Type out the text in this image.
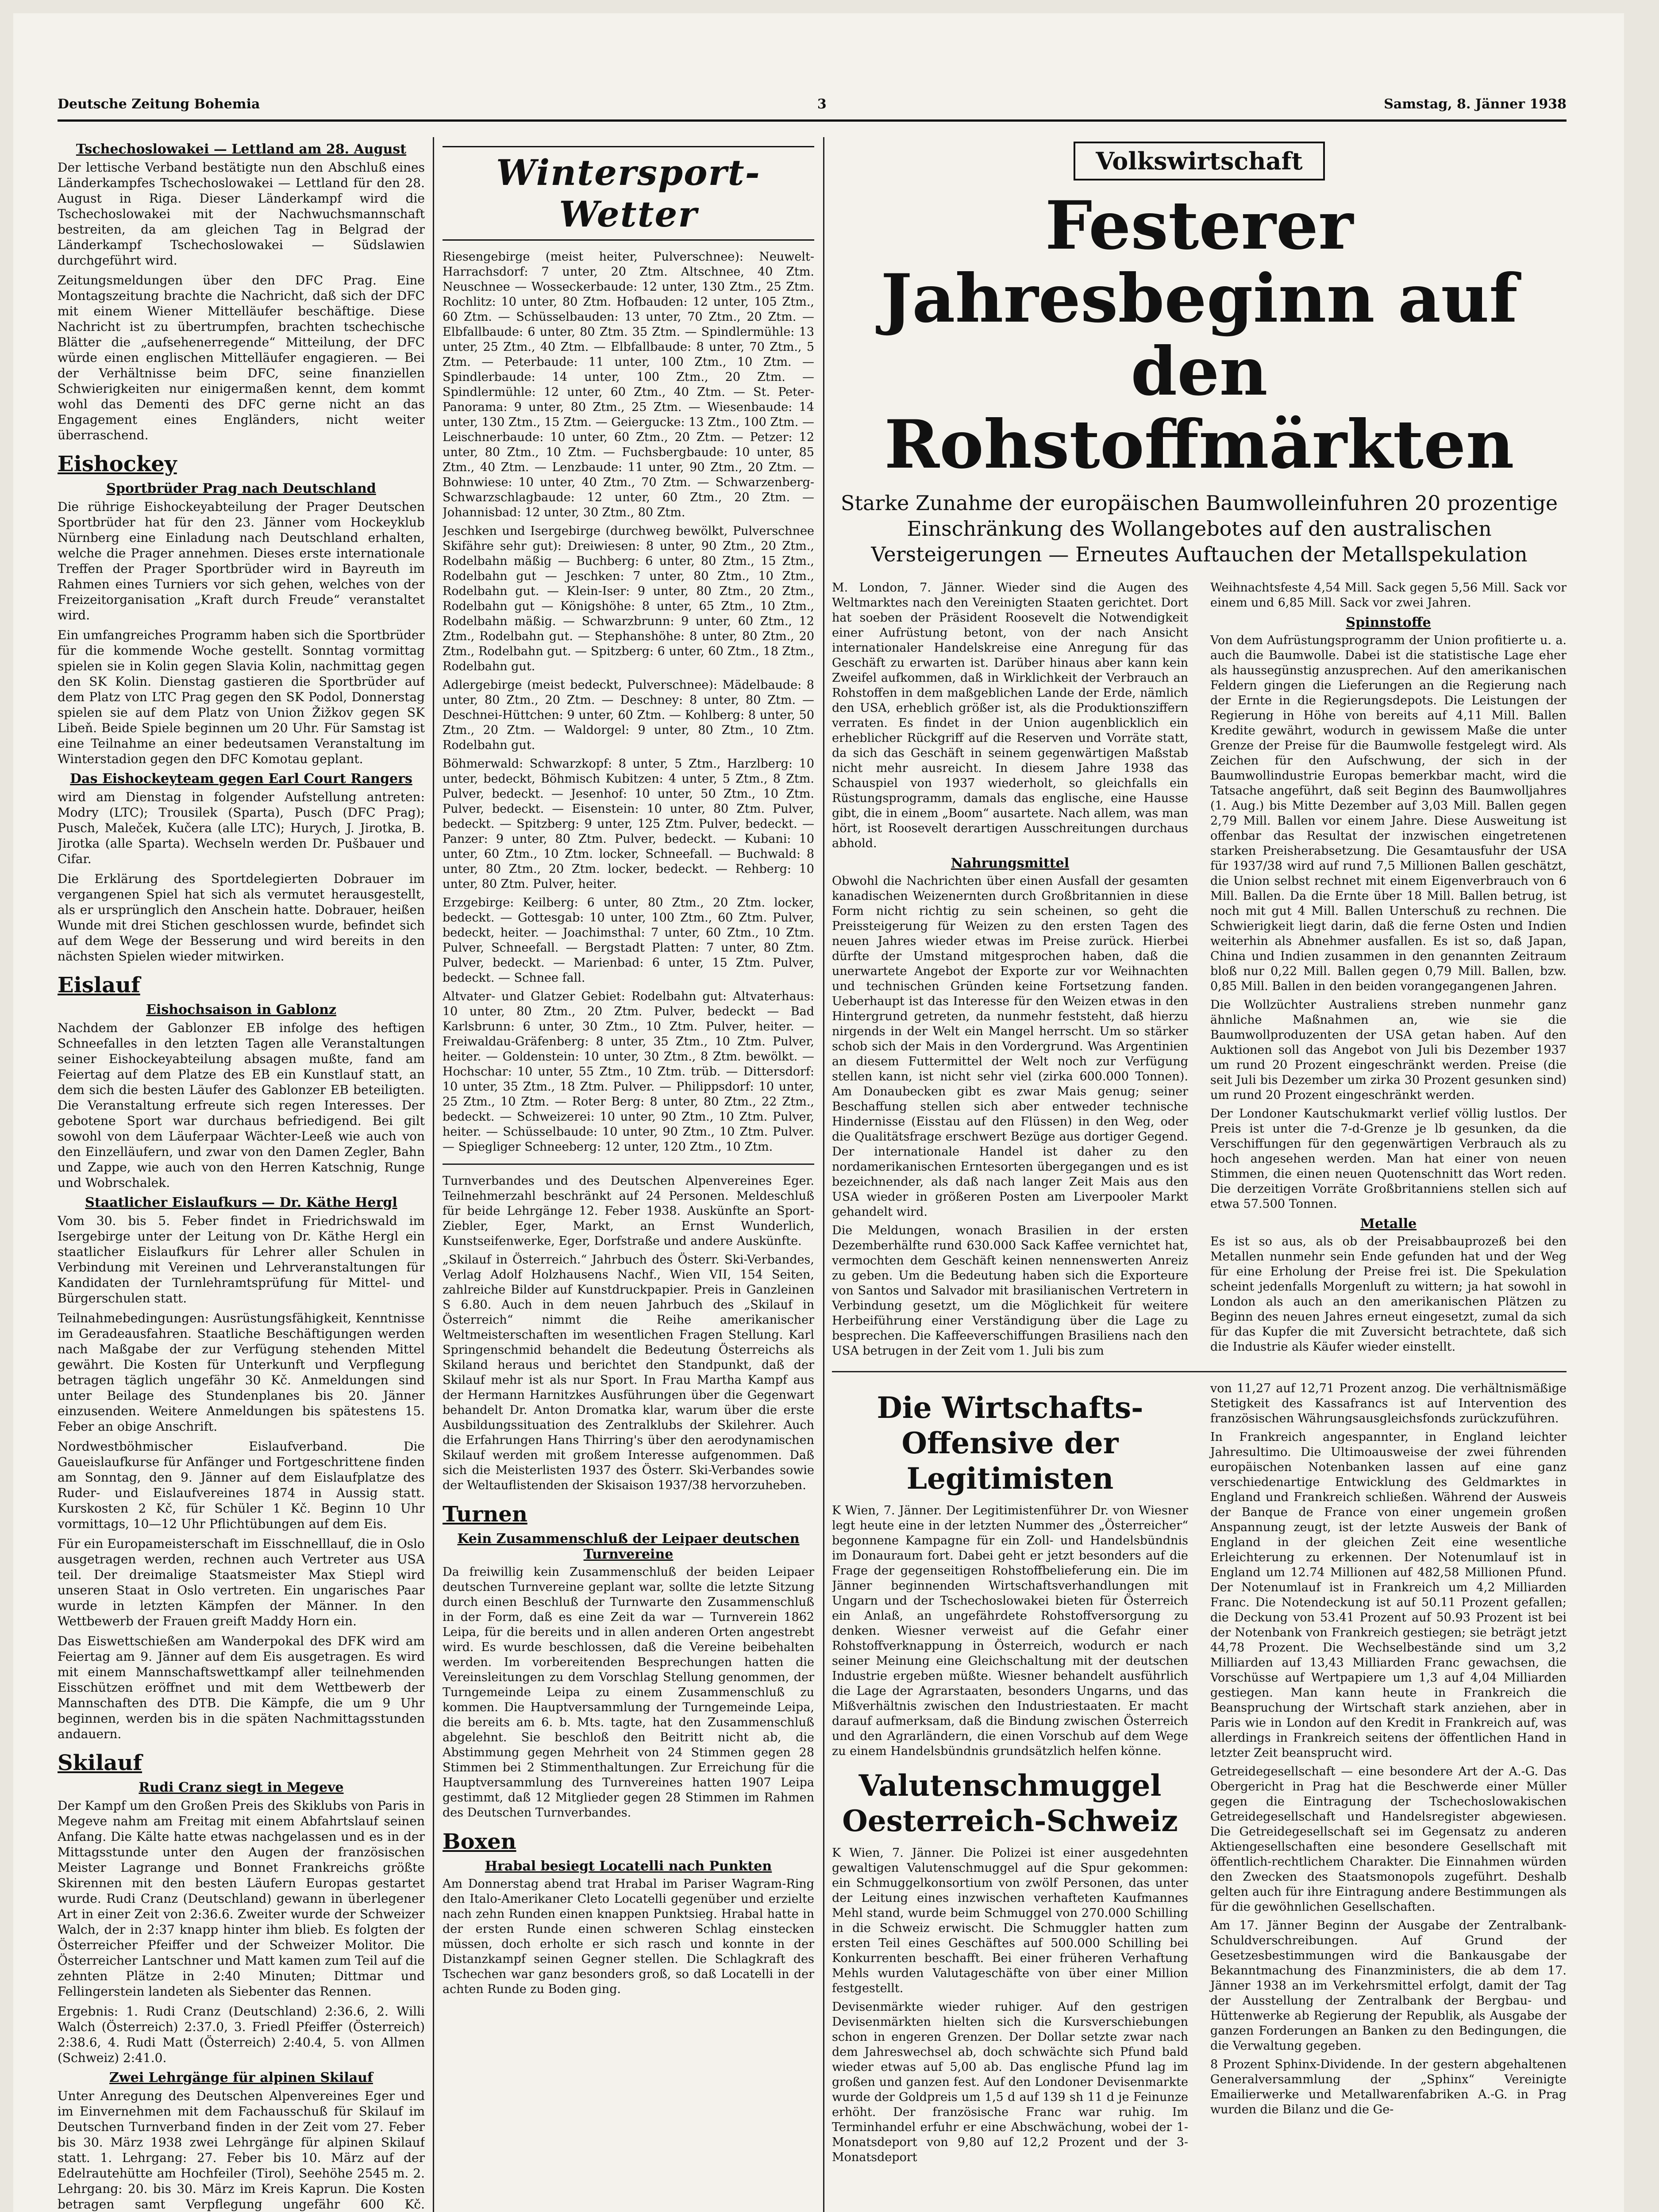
Deutsche Zeitung Bohemia	3	Samstag, 8. Jänner 1938
Tschechoslowakei — Lettland am 28. August

Der lettische Verband bestätigte nun den Abschluß eines Länderkampfes Tschechoslowakei — Lettland für den 28. August in Riga. Dieser Länderkampf wird die Tschechoslowakei mit der Nachwuchsmannschaft bestreiten, da am gleichen Tag in Belgrad der Länderkampf Tschechoslowakei — Südslawien durchgeführt wird.

Zeitungsmeldungen über den DFC Prag. Eine Montagszeitung brachte die Nachricht, daß sich der DFC mit einem Wiener Mittelläufer beschäftige. Diese Nachricht ist zu übertrumpfen, brachten tschechische Blätter die „aufsehenerregende“ Mitteilung, der DFC würde einen englischen Mittelläufer engagieren. — Bei der Verhältnisse beim DFC, seine finanziellen Schwierigkeiten nur einigermaßen kennt, dem kommt wohl das Dementi des DFC gerne nicht an das Engagement eines Engländers, nicht weiter überraschend.

Eishockey
Sportbrüder Prag nach Deutschland

Die rührige Eishockeyabteilung der Prager Deutschen Sportbrüder hat für den 23. Jänner vom Hockeyklub Nürnberg eine Einladung nach Deutschland erhalten, welche die Prager annehmen. Dieses erste internationale Treffen der Prager Sportbrüder wird in Bayreuth im Rahmen eines Turniers vor sich gehen, welches von der Freizeitorganisation „Kraft durch Freude“ veranstaltet wird.

Ein umfangreiches Programm haben sich die Sportbrüder für die kommende Woche gestellt. Sonntag vormittag spielen sie in Kolin gegen Slavia Kolin, nachmittag gegen den SK Kolin. Dienstag gastieren die Sportbrüder auf dem Platz von LTC Prag gegen den SK Podol, Donnerstag spielen sie auf dem Platz von Union Žižkov gegen SK Libeň. Beide Spiele beginnen um 20 Uhr. Für Samstag ist eine Teilnahme an einer bedeutsamen Veranstaltung im Winterstadion gegen den DFC Komotau geplant.

Das Eishockeyteam gegen Earl Court Rangers

wird am Dienstag in folgender Aufstellung antreten: Modry (LTC); Trousilek (Sparta), Pusch (DFC Prag); Pusch, Maleček, Kučera (alle LTC); Hurych, J. Jirotka, B. Jirotka (alle Sparta). Wechseln werden Dr. Pušbauer und Cifar.

Die Erklärung des Sportdelegierten Dobrauer im vergangenen Spiel hat sich als vermutet herausgestellt, als er ursprünglich den Anschein hatte. Dobrauer, heißen Wunde mit drei Stichen geschlossen wurde, befindet sich auf dem Wege der Besserung und wird bereits in den nächsten Spielen wieder mitwirken.

Eislauf
Eishochsaison in Gablonz

Nachdem der Gablonzer EB infolge des heftigen Schneefalles in den letzten Tagen alle Veranstaltungen seiner Eishockeyabteilung absagen mußte, fand am Feiertag auf dem Platze des EB ein Kunstlauf statt, an dem sich die besten Läufer des Gablonzer EB beteiligten. Die Veranstaltung erfreute sich regen Interesses. Der gebotene Sport war durchaus befriedigend. Bei gilt sowohl von dem Läuferpaar Wächter-Leeß wie auch von den Einzelläufern, und zwar von den Damen Zegler, Bahn und Zappe, wie auch von den Herren Katschnig, Runge und Wobrschalek.

Staatlicher Eislaufkurs — Dr. Käthe Hergl

Vom 30. bis 5. Feber findet in Friedrichswald im Isergebirge unter der Leitung von Dr. Käthe Hergl ein staatlicher Eislaufkurs für Lehrer aller Schulen in Verbindung mit Vereinen und Lehrveranstaltungen für Kandidaten der Turnlehramtsprüfung für Mittel- und Bürgerschulen statt.

Teilnahmebedingungen: Ausrüstungsfähigkeit, Kenntnisse im Geradeausfahren. Staatliche Beschäftigungen werden nach Maßgabe der zur Verfügung stehenden Mittel gewährt. Die Kosten für Unterkunft und Verpflegung betragen täglich ungefähr 30 Kč. Anmeldungen sind unter Beilage des Stundenplanes bis 20. Jänner einzusenden. Weitere Anmeldungen bis spätestens 15. Feber an obige Anschrift.

Nordwestböhmischer Eislaufverband. Die Gaueislaufkurse für Anfänger und Fortgeschrittene finden am Sonntag, den 9. Jänner auf dem Eislaufplatze des Ruder- und Eislaufvereines 1874 in Aussig statt. Kurskosten 2 Kč, für Schüler 1 Kč. Beginn 10 Uhr vormittags, 10—12 Uhr Pflichtübungen auf dem Eis.

Für ein Europameisterschaft im Eisschnelllauf, die in Oslo ausgetragen werden, rechnen auch Vertreter aus USA teil. Der dreimalige Staatsmeister Max Stiepl wird unseren Staat in Oslo vertreten. Ein ungarisches Paar wurde in letzten Kämpfen der Männer. In den Wettbewerb der Frauen greift Maddy Horn ein.

Das Eiswettschießen am Wanderpokal des DFK wird am Feiertag am 9. Jänner auf dem Eis ausgetragen. Es wird mit einem Mannschaftswettkampf aller teilnehmenden Eisschützen eröffnet und mit dem Wettbewerb der Mannschaften des DTB. Die Kämpfe, die um 9 Uhr beginnen, werden bis in die späten Nachmittagsstunden andauern.

Skilauf
Rudi Cranz siegt in Megeve

Der Kampf um den Großen Preis des Skiklubs von Paris in Megeve nahm am Freitag mit einem Abfahrtslauf seinen Anfang. Die Kälte hatte etwas nachgelassen und es in der Mittagsstunde unter den Augen der französischen Meister Lagrange und Bonnet Frankreichs größte Skirennen mit den besten Läufern Europas gestartet wurde. Rudi Cranz (Deutschland) gewann in überlegener Art in einer Zeit von 2:36.6. Zweiter wurde der Schweizer Walch, der in 2:37 knapp hinter ihm blieb. Es folgten der Österreicher Pfeiffer und der Schweizer Molitor. Die Österreicher Lantschner und Matt kamen zum Teil auf die zehnten Plätze in 2:40 Minuten; Dittmar und Fellingerstein landeten als Siebenter das Rennen.

Ergebnis: 1. Rudi Cranz (Deutschland) 2:36.6, 2. Willi Walch (Österreich) 2:37.0, 3. Friedl Pfeiffer (Österreich) 2:38.6, 4. Rudi Matt (Österreich) 2:40.4, 5. von Allmen (Schweiz) 2:41.0.

Zwei Lehrgänge für alpinen Skilauf

Unter Anregung des Deutschen Alpenvereines Eger und im Einvernehmen mit dem Fachausschuß für Skilauf im Deutschen Turnverband finden in der Zeit vom 27. Feber bis 30. März 1938 zwei Lehrgänge für alpinen Skilauf statt. 1. Lehrgang: 27. Feber bis 10. März auf der Edelrautehütte am Hochfeiler (Tirol), Seehöhe 2545 m. 2. Lehrgang: 20. bis 30. März im Kreis Kaprun. Die Kosten betragen samt Verpflegung ungefähr 600 Kč.

Wintersport-Wetter

Riesengebirge (meist heiter, Pulverschnee): Neuwelt-Harrachsdorf: 7 unter, 20 Ztm. Altschnee, 40 Ztm. Neuschnee — Wosseckerbaude: 12 unter, 130 Ztm., 25 Ztm. Rochlitz: 10 unter, 80 Ztm. Hofbauden: 12 unter, 105 Ztm., 60 Ztm. — Schüsselbauden: 13 unter, 70 Ztm., 20 Ztm. — Elbfallbaude: 6 unter, 80 Ztm. 35 Ztm. — Spindlermühle: 13 unter, 25 Ztm., 40 Ztm. — Elbfallbaude: 8 unter, 70 Ztm., 5 Ztm. — Peterbaude: 11 unter, 100 Ztm., 10 Ztm. — Spindlerbaude: 14 unter, 100 Ztm., 20 Ztm. — Spindlermühle: 12 unter, 60 Ztm., 40 Ztm. — St. Peter-Panorama: 9 unter, 80 Ztm., 25 Ztm. — Wiesenbaude: 14 unter, 130 Ztm., 15 Ztm. — Geiergucke: 13 Ztm., 100 Ztm. — Leischnerbaude: 10 unter, 60 Ztm., 20 Ztm. — Petzer: 12 unter, 80 Ztm., 10 Ztm. — Fuchsbergbaude: 10 unter, 85 Ztm., 40 Ztm. — Lenzbaude: 11 unter, 90 Ztm., 20 Ztm. — Bohnwiese: 10 unter, 40 Ztm., 70 Ztm. — Schwarzenberg-Schwarzschlagbaude: 12 unter, 60 Ztm., 20 Ztm. — Johannisbad: 12 unter, 30 Ztm., 80 Ztm.

Jeschken und Isergebirge (durchweg bewölkt, Pulverschnee Skifähre sehr gut): Dreiwiesen: 8 unter, 90 Ztm., 20 Ztm., Rodelbahn mäßig — Buchberg: 6 unter, 80 Ztm., 15 Ztm., Rodelbahn gut — Jeschken: 7 unter, 80 Ztm., 10 Ztm., Rodelbahn gut. — Klein-Iser: 9 unter, 80 Ztm., 20 Ztm., Rodelbahn gut — Königshöhe: 8 unter, 65 Ztm., 10 Ztm., Rodelbahn mäßig. — Schwarzbrunn: 9 unter, 60 Ztm., 12 Ztm., Rodelbahn gut. — Stephanshöhe: 8 unter, 80 Ztm., 20 Ztm., Rodelbahn gut. — Spitzberg: 6 unter, 60 Ztm., 18 Ztm., Rodelbahn gut.

Adlergebirge (meist bedeckt, Pulverschnee): Mädelbaude: 8 unter, 80 Ztm., 20 Ztm. — Deschney: 8 unter, 80 Ztm. — Deschnei-Hüttchen: 9 unter, 60 Ztm. — Kohlberg: 8 unter, 50 Ztm., 20 Ztm. — Waldorgel: 9 unter, 80 Ztm., 10 Ztm. Rodelbahn gut.

Böhmerwald: Schwarzkopf: 8 unter, 5 Ztm., Harzlberg: 10 unter, bedeckt, Böhmisch Kubitzen: 4 unter, 5 Ztm., 8 Ztm. Pulver, bedeckt. — Jesenhof: 10 unter, 50 Ztm., 10 Ztm. Pulver, bedeckt. — Eisenstein: 10 unter, 80 Ztm. Pulver, bedeckt. — Spitzberg: 9 unter, 125 Ztm. Pulver, bedeckt. — Panzer: 9 unter, 80 Ztm. Pulver, bedeckt. — Kubani: 10 unter, 60 Ztm., 10 Ztm. locker, Schneefall. — Buchwald: 8 unter, 80 Ztm., 20 Ztm. locker, bedeckt. — Rehberg: 10 unter, 80 Ztm. Pulver, heiter.

Erzgebirge: Keilberg: 6 unter, 80 Ztm., 20 Ztm. locker, bedeckt. — Gottesgab: 10 unter, 100 Ztm., 60 Ztm. Pulver, bedeckt, heiter. — Joachimsthal: 7 unter, 60 Ztm., 10 Ztm. Pulver, Schneefall. — Bergstadt Platten: 7 unter, 80 Ztm. Pulver, bedeckt. — Marienbad: 6 unter, 15 Ztm. Pulver, bedeckt. — Schnee fall.

Altvater- und Glatzer Gebiet: Rodelbahn gut: Altvaterhaus: 10 unter, 80 Ztm., 20 Ztm. Pulver, bedeckt — Bad Karlsbrunn: 6 unter, 30 Ztm., 10 Ztm. Pulver, heiter. — Freiwaldau-Gräfenberg: 8 unter, 35 Ztm., 10 Ztm. Pulver, heiter. — Goldenstein: 10 unter, 30 Ztm., 8 Ztm. bewölkt. — Hochschar: 10 unter, 55 Ztm., 10 Ztm. trüb. — Dittersdorf: 10 unter, 35 Ztm., 18 Ztm. Pulver. — Philippsdorf: 10 unter, 25 Ztm., 10 Ztm. — Roter Berg: 8 unter, 80 Ztm., 22 Ztm., bedeckt. — Schweizerei: 10 unter, 90 Ztm., 10 Ztm. Pulver, heiter. — Schüsselbaude: 10 unter, 90 Ztm., 10 Ztm. Pulver. — Spiegliger Schneeberg: 12 unter, 120 Ztm., 10 Ztm.

Turnverbandes und des Deutschen Alpenvereines Eger. Teilnehmerzahl beschränkt auf 24 Personen. Meldeschluß für beide Lehrgänge 12. Feber 1938. Auskünfte an Sport-Ziebler, Eger, Markt, an Ernst Wunderlich, Kunstseifenwerke, Eger, Dorfstraße und andere Auskünfte.

„Skilauf in Österreich.“ Jahrbuch des Österr. Ski-Verbandes, Verlag Adolf Holzhausens Nachf., Wien VII, 154 Seiten, zahlreiche Bilder auf Kunstdruckpapier. Preis in Ganzleinen S 6.80. Auch in dem neuen Jahrbuch des „Skilauf in Österreich“ nimmt die Reihe amerikanischer Weltmeisterschaften im wesentlichen Fragen Stellung. Karl Springenschmid behandelt die Bedeutung Österreichs als Skiland heraus und berichtet den Standpunkt, daß der Skilauf mehr ist als nur Sport. In Frau Martha Kampf aus der Hermann Harnitzkes Ausführungen über die Gegenwart behandelt Dr. Anton Dromatka klar, warum über die erste Ausbildungssituation des Zentralklubs der Skilehrer. Auch die Erfahrungen Hans Thirring's über den aerodynamischen Skilauf werden mit großem Interesse aufgenommen. Daß sich die Meisterlisten 1937 des Österr. Ski-Verbandes sowie der Weltauflistenden der Skisaison 1937/38 hervorzuheben.

Turnen
Kein Zusammenschluß der Leipaer deutschen Turnvereine

Da freiwillig kein Zusammenschluß der beiden Leipaer deutschen Turnvereine geplant war, sollte die letzte Sitzung durch einen Beschluß der Turnwarte den Zusammenschluß in der Form, daß es eine Zeit da war — Turnverein 1862 Leipa, für die bereits und in allen anderen Orten angestrebt wird. Es wurde beschlossen, daß die Vereine beibehalten werden. Im vorbereitenden Besprechungen hatten die Vereinsleitungen zu dem Vorschlag Stellung genommen, der Turngemeinde Leipa zu einem Zusammenschluß zu kommen. Die Hauptversammlung der Turngemeinde Leipa, die bereits am 6. b. Mts. tagte, hat den Zusammenschluß abgelehnt. Sie beschloß den Beitritt nicht ab, die Abstimmung gegen Mehrheit von 24 Stimmen gegen 28 Stimmen bei 2 Stimmenthaltungen. Zur Erreichung für die Hauptversammlung des Turnvereines hatten 1907 Leipa gestimmt, daß 12 Mitglieder gegen 28 Stimmen im Rahmen des Deutschen Turnverbandes.

Boxen
Hrabal besiegt Locatelli nach Punkten

Am Donnerstag abend trat Hrabal im Pariser Wagram-Ring den Italo-Amerikaner Cleto Locatelli gegenüber und erzielte nach zehn Runden einen knappen Punktsieg. Hrabal hatte in der ersten Runde einen schweren Schlag einstecken müssen, doch erholte er sich rasch und konnte in der Distanzkampf seinen Gegner stellen. Die Schlagkraft des Tschechen war ganz besonders groß, so daß Locatelli in der achten Runde zu Boden ging.

Volkswirtschaft
Festerer Jahresbeginn auf den Rohstoffmärkten
Starke Zunahme der europäischen Baumwolleinfuhren 20 prozentige Einschränkung des Wollangebotes auf den australischen Versteigerungen — Erneutes Auftauchen der Metallspekulation

M. London, 7. Jänner. Wieder sind die Augen des Weltmarktes nach den Vereinigten Staaten gerichtet. Dort hat soeben der Präsident Roosevelt die Notwendigkeit einer Aufrüstung betont, von der nach Ansicht internationaler Handelskreise eine Anregung für das Geschäft zu erwarten ist. Darüber hinaus aber kann kein Zweifel aufkommen, daß in Wirklichkeit der Verbrauch an Rohstoffen in dem maßgeblichen Lande der Erde, nämlich den USA, erheblich größer ist, als die Produktionsziffern verraten. Es findet in der Union augenblicklich ein erheblicher Rückgriff auf die Reserven und Vorräte statt, da sich das Geschäft in seinem gegenwärtigen Maßstab nicht mehr ausreicht. In diesem Jahre 1938 das Schauspiel von 1937 wiederholt, so gleichfalls ein Rüstungsprogramm, damals das englische, eine Hausse gibt, die in einem „Boom“ ausartete. Nach allem, was man hört, ist Roosevelt derartigen Ausschreitungen durchaus abhold.

Nahrungsmittel

Obwohl die Nachrichten über einen Ausfall der gesamten kanadischen Weizenernten durch Großbritannien in diese Form nicht richtig zu sein scheinen, so geht die Preissteigerung für Weizen zu den ersten Tagen des neuen Jahres wieder etwas im Preise zurück. Hierbei dürfte der Umstand mitgesprochen haben, daß die unerwartete Angebot der Exporte zur vor Weihnachten und technischen Gründen keine Fortsetzung fanden. Ueberhaupt ist das Interesse für den Weizen etwas in den Hintergrund getreten, da nunmehr feststeht, daß hierzu nirgends in der Welt ein Mangel herrscht. Um so stärker schob sich der Mais in den Vordergrund. Was Argentinien an diesem Futtermittel der Welt noch zur Verfügung stellen kann, ist nicht sehr viel (zirka 600.000 Tonnen). Am Donaubecken gibt es zwar Mais genug; seiner Beschaffung stellen sich aber entweder technische Hindernisse (Eisstau auf den Flüssen) in den Weg, oder die Qualitätsfrage erschwert Bezüge aus dortiger Gegend. Der internationale Handel ist daher zu den nordamerikanischen Erntesorten übergegangen und es ist bezeichnender, als daß nach langer Zeit Mais aus den USA wieder in größeren Posten am Liverpooler Markt gehandelt wird.

Die Meldungen, wonach Brasilien in der ersten Dezemberhälfte rund 630.000 Sack Kaffee vernichtet hat, vermochten dem Geschäft keinen nennenswerten Anreiz zu geben. Um die Bedeutung haben sich die Exporteure von Santos und Salvador mit brasilianischen Vertretern in Verbindung gesetzt, um die Möglichkeit für weitere Herbeiführung einer Verständigung über die Lage zu besprechen. Die Kaffeeverschiffungen Brasiliens nach den USA betrugen in der Zeit vom 1. Juli bis zum

Weihnachtsfeste 4,54 Mill. Sack gegen 5,56 Mill. Sack vor einem und 6,85 Mill. Sack vor zwei Jahren.

Spinnstoffe

Von dem Aufrüstungsprogramm der Union profitierte u. a. auch die Baumwolle. Dabei ist die statistische Lage eher als haussegünstig anzusprechen. Auf den amerikanischen Feldern gingen die Lieferungen an die Regierung nach der Ernte in die Regierungsdepots. Die Leistungen der Regierung in Höhe von bereits auf 4,11 Mill. Ballen Kredite gewährt, wodurch in gewissem Maße die unter Grenze der Preise für die Baumwolle festgelegt wird. Als Zeichen für den Aufschwung, der sich in der Baumwollindustrie Europas bemerkbar macht, wird die Tatsache angeführt, daß seit Beginn des Baumwolljahres (1. Aug.) bis Mitte Dezember auf 3,03 Mill. Ballen gegen 2,79 Mill. Ballen vor einem Jahre. Diese Ausweitung ist offenbar das Resultat der inzwischen eingetretenen starken Preisherabsetzung. Die Gesamtausfuhr der USA für 1937/38 wird auf rund 7,5 Millionen Ballen geschätzt, die Union selbst rechnet mit einem Eigenverbrauch von 6 Mill. Ballen. Da die Ernte über 18 Mill. Ballen betrug, ist noch mit gut 4 Mill. Ballen Unterschuß zu rechnen. Die Schwierigkeit liegt darin, daß die ferne Osten und Indien weiterhin als Abnehmer ausfallen. Es ist so, daß Japan, China und Indien zusammen in den genannten Zeitraum bloß nur 0,22 Mill. Ballen gegen 0,79 Mill. Ballen, bzw. 0,85 Mill. Ballen in den beiden vorangegangenen Jahren.

Die Wollzüchter Australiens streben nunmehr ganz ähnliche Maßnahmen an, wie sie die Baumwollproduzenten der USA getan haben. Auf den Auktionen soll das Angebot von Juli bis Dezember 1937 um rund 20 Prozent eingeschränkt werden. Preise (die seit Juli bis Dezember um zirka 30 Prozent gesunken sind) um rund 20 Prozent eingeschränkt werden.

Der Londoner Kautschukmarkt verlief völlig lustlos. Der Preis ist unter die 7-d-Grenze je lb gesunken, da die Verschiffungen für den gegenwärtigen Verbrauch als zu hoch angesehen werden. Man hat einer von neuen Stimmen, die einen neuen Quotenschnitt das Wort reden. Die derzeitigen Vorräte Großbritanniens stellen sich auf etwa 57.500 Tonnen.

Metalle

Es ist so aus, als ob der Preisabbauprozeß bei den Metallen nunmehr sein Ende gefunden hat und der Weg für eine Erholung der Preise frei ist. Die Spekulation scheint jedenfalls Morgenluft zu wittern; ja hat sowohl in London als auch an den amerikanischen Plätzen zu Beginn des neuen Jahres erneut eingesetzt, zumal da sich für das Kupfer die mit Zuversicht betrachtete, daß sich die Industrie als Käufer wieder einstellt.

Die Wirtschafts-Offensive der Legitimisten

K Wien, 7. Jänner. Der Legitimistenführer Dr. von Wiesner legt heute eine in der letzten Nummer des „Österreicher“ begonnene Kampagne für ein Zoll- und Handelsbündnis im Donauraum fort. Dabei geht er jetzt besonders auf die Frage der gegenseitigen Rohstoffbelieferung ein. Die im Jänner beginnenden Wirtschaftsverhandlungen mit Ungarn und der Tschechoslowakei bieten für Österreich ein Anlaß, an ungefährdete Rohstoffversorgung zu denken. Wiesner verweist auf die Gefahr einer Rohstoffverknappung in Österreich, wodurch er nach seiner Meinung eine Gleichschaltung mit der deutschen Industrie ergeben müßte. Wiesner behandelt ausführlich die Lage der Agrarstaaten, besonders Ungarns, und das Mißverhältnis zwischen den Industriestaaten. Er macht darauf aufmerksam, daß die Bindung zwischen Österreich und den Agrarländern, die einen Vorschub auf dem Wege zu einem Handelsbündnis grundsätzlich helfen könne.

Valutenschmuggel Oesterreich-Schweiz

K Wien, 7. Jänner. Die Polizei ist einer ausgedehnten gewaltigen Valutenschmuggel auf die Spur gekommen: ein Schmuggelkonsortium von zwölf Personen, das unter der Leitung eines inzwischen verhafteten Kaufmannes Mehl stand, wurde beim Schmuggel von 270.000 Schilling in die Schweiz erwischt. Die Schmuggler hatten zum ersten Teil eines Geschäftes auf 500.000 Schilling bei Konkurrenten beschafft. Bei einer früheren Verhaftung Mehls wurden Valutageschäfte von über einer Million festgestellt.

Devisenmärkte wieder ruhiger. Auf den gestrigen Devisenmärkten hielten sich die Kursverschiebungen schon in engeren Grenzen. Der Dollar setzte zwar nach dem Jahreswechsel ab, doch schwächte sich Pfund bald wieder etwas auf 5,00 ab. Das englische Pfund lag im großen und ganzen fest. Auf den Londoner Devisenmarkte wurde der Goldpreis um 1,5 d auf 139 sh 11 d je Feinunze erhöht. Der französische Franc war ruhig. Im Terminhandel erfuhr er eine Abschwächung, wobei der 1-Monatsdeport von 9,80 auf 12,2 Prozent und der 3-Monatsdeport

von 11,27 auf 12,71 Prozent anzog. Die verhältnismäßige Stetigkeit des Kassafrancs ist auf Intervention des französischen Währungsausgleichsfonds zurückzuführen.

In Frankreich angespannter, in England leichter Jahresultimo. Die Ultimoausweise der zwei führenden europäischen Notenbanken lassen auf eine ganz verschiedenartige Entwicklung des Geldmarktes in England und Frankreich schließen. Während der Ausweis der Banque de France von einer ungemein großen Anspannung zeugt, ist der letzte Ausweis der Bank of England in der gleichen Zeit eine wesentliche Erleichterung zu erkennen. Der Notenumlauf ist in England um 12.74 Millionen auf 482,58 Millionen Pfund. Der Notenumlauf ist in Frankreich um 4,2 Milliarden Franc. Die Notendeckung ist auf 50.11 Prozent gefallen; die Deckung von 53.41 Prozent auf 50.93 Prozent ist bei der Notenbank von Frankreich gestiegen; sie beträgt jetzt 44,78 Prozent. Die Wechselbestände sind um 3,2 Milliarden auf 13,43 Milliarden Franc gewachsen, die Vorschüsse auf Wertpapiere um 1,3 auf 4,04 Milliarden gestiegen. Man kann heute in Frankreich die Beanspruchung der Wirtschaft stark anziehen, aber in Paris wie in London auf den Kredit in Frankreich auf, was allerdings in Frankreich seitens der öffentlichen Hand in letzter Zeit beansprucht wird.

Getreidegesellschaft — eine besondere Art der A.-G. Das Obergericht in Prag hat die Beschwerde einer Müller gegen die Eintragung der Tschechoslowakischen Getreidegesellschaft und Handelsregister abgewiesen. Die Getreidegesellschaft sei im Gegensatz zu anderen Aktiengesellschaften eine besondere Gesellschaft mit öffentlich-rechtlichem Charakter. Die Einnahmen würden den Zwecken des Staatsmonopols zugeführt. Deshalb gelten auch für ihre Eintragung andere Bestimmungen als für die gewöhnlichen Gesellschaften.

Am 17. Jänner Beginn der Ausgabe der Zentralbank-Schuldverschreibungen. Auf Grund der Gesetzesbestimmungen wird die Bankausgabe der Bekanntmachung des Finanzministers, die ab dem 17. Jänner 1938 an im Verkehrsmittel erfolgt, damit der Tag der Ausstellung der Zentralbank der Bergbau- und Hüttenwerke ab Regierung der Republik, als Ausgabe der ganzen Forderungen an Banken zu den Bedingungen, die die Verwaltung gegeben.

8 Prozent Sphinx-Dividende. In der gestern abgehaltenen Generalversammlung der „Sphinx“ Vereinigte Emailierwerke und Metallwarenfabriken A.-G. in Prag wurden die Bilanz und die Ge-
